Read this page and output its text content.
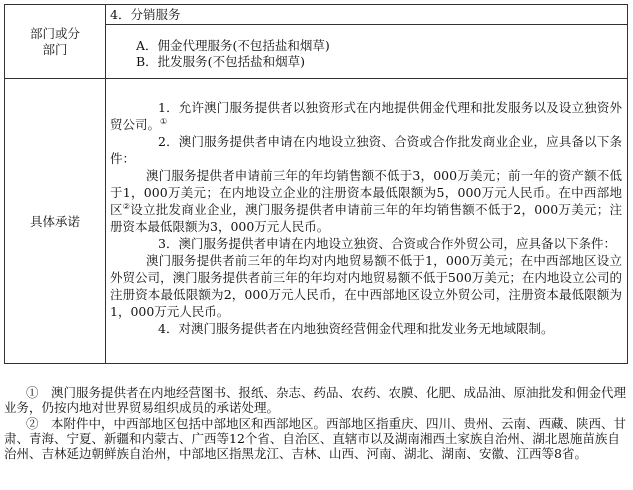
部门或分部门
4．分销服务
A．佣金代理服务(不包括盐和烟草)
B．批发服务(不包括盐和烟草)
具体承诺

1．允许澳门服务提供者以独资形式在内地提供佣金代理和批发服务以及设立独资外贸公司。①

2．澳门服务提供者申请在内地设立独资、合资或合作批发商业企业，应具备以下条件：

澳门服务提供者申请前三年的年均销售额不低于3，000万美元；前一年的资产额不低于1，000万美元；在内地设立企业的注册资本最低限额为5，000万元人民币。在中西部地区②设立批发商业企业，澳门服务提供者申请前三年的年均销售额不低于2，000万美元；注册资本最低限额为3，000万元人民币。

3．澳门服务提供者申请在内地设立独资、合资或合作外贸公司，应具备以下条件：

澳门服务提供者前三年的年均对内地贸易额不低于1，000万美元；在中西部地区设立外贸公司，澳门服务提供者前三年的年均对内地贸易额不低于500万美元；在内地设立公司的注册资本最低限额为2，000万元人民币，在中西部地区设立外贸公司，注册资本最低限额为1，000万元人民币。

4．对澳门服务提供者在内地独资经营佣金代理和批发业务无地域限制。

①　澳门服务提供者在内地经营图书、报纸、杂志、药品、农药、农膜、化肥、成品油、原油批发和佣金代理业务，仍按内地对世界贸易组织成员的承诺处理。

②　本附件中，中西部地区包括中部地区和西部地区。西部地区指重庆、四川、贵州、云南、西藏、陕西、甘肃、青海、宁夏、新疆和内蒙古、广西等12个省、自治区、直辖市以及湖南湘西土家族自治州、湖北恩施苗族自治州、吉林延边朝鲜族自治州，中部地区指黑龙江、吉林、山西、河南、湖北、湖南、安徽、江西等8省。
